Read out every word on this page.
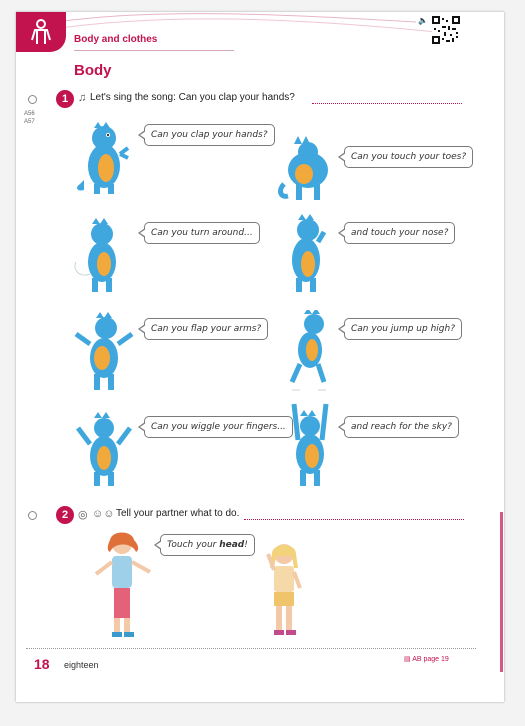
Body and clothes
🔈
Body
1 ♫ Let's sing the song: Can you clap your hands?
A56
A57
Can you clap your hands?
Can you touch your toes?
Can you turn around...	and touch your nose?
Can you flap your arms?	Can you jump up high?
Can you wiggle your fingers...	and reach for the sky?
2 ◎ ☺☺ Tell your partner what to do.
Touch your head!
18 eighteen
▤ AB page 19
